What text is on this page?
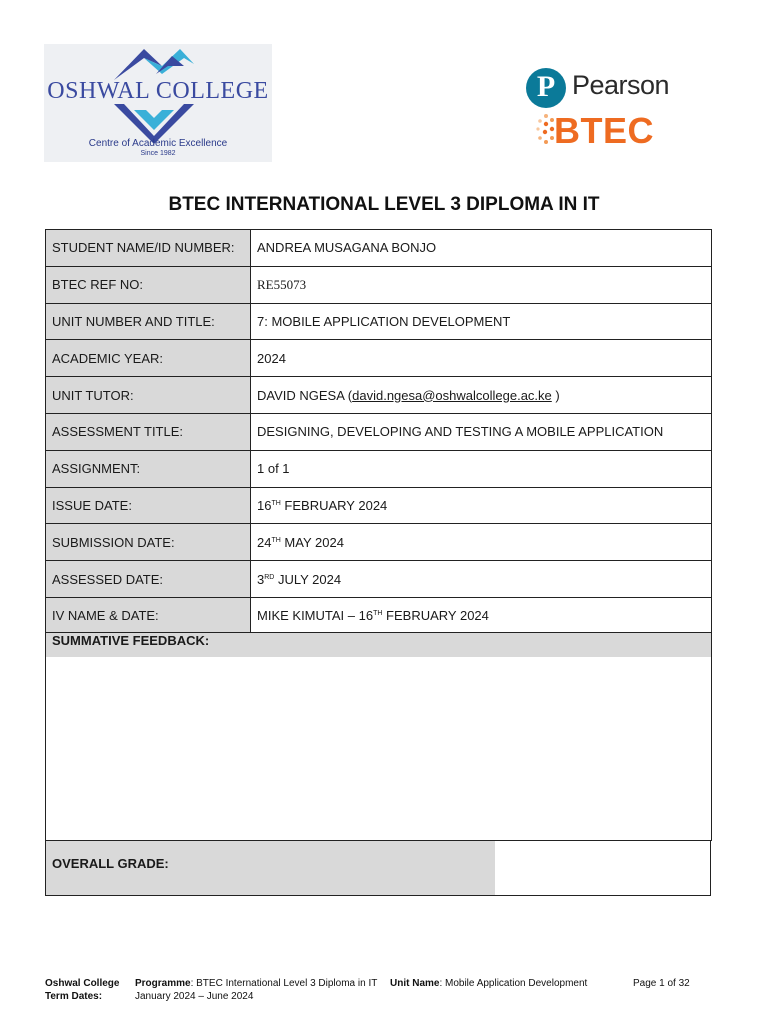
OSHWAL COLLEGE
Centre of Academic Excellence
Since 1982
P Pearson
BTEC
BTEC INTERNATIONAL LEVEL 3 DIPLOMA IN IT
STUDENT NAME/ID NUMBER:	ANDREA MUSAGANA BONJO
BTEC REF NO:	RE55073
UNIT NUMBER AND TITLE:	7: MOBILE APPLICATION DEVELOPMENT
ACADEMIC YEAR:	2024
UNIT TUTOR:	DAVID NGESA (david.ngesa@oshwalcollege.ac.ke )
ASSESSMENT TITLE:	DESIGNING, DEVELOPING AND TESTING A MOBILE APPLICATION
ASSIGNMENT:	1 of 1
ISSUE DATE:	16TH FEBRUARY 2024
SUBMISSION DATE:	24TH MAY 2024
ASSESSED DATE:	3RD JULY 2024
IV NAME & DATE:	MIKE KIMUTAI – 16TH FEBRUARY 2024
SUMMATIVE FEEDBACK:
OVERALL GRADE:
Oshwal College
Term Dates:
Programme: BTEC International Level 3 Diploma in IT
January 2024 – June 2024
Unit Name: Mobile Application Development	Page 1 of 32
